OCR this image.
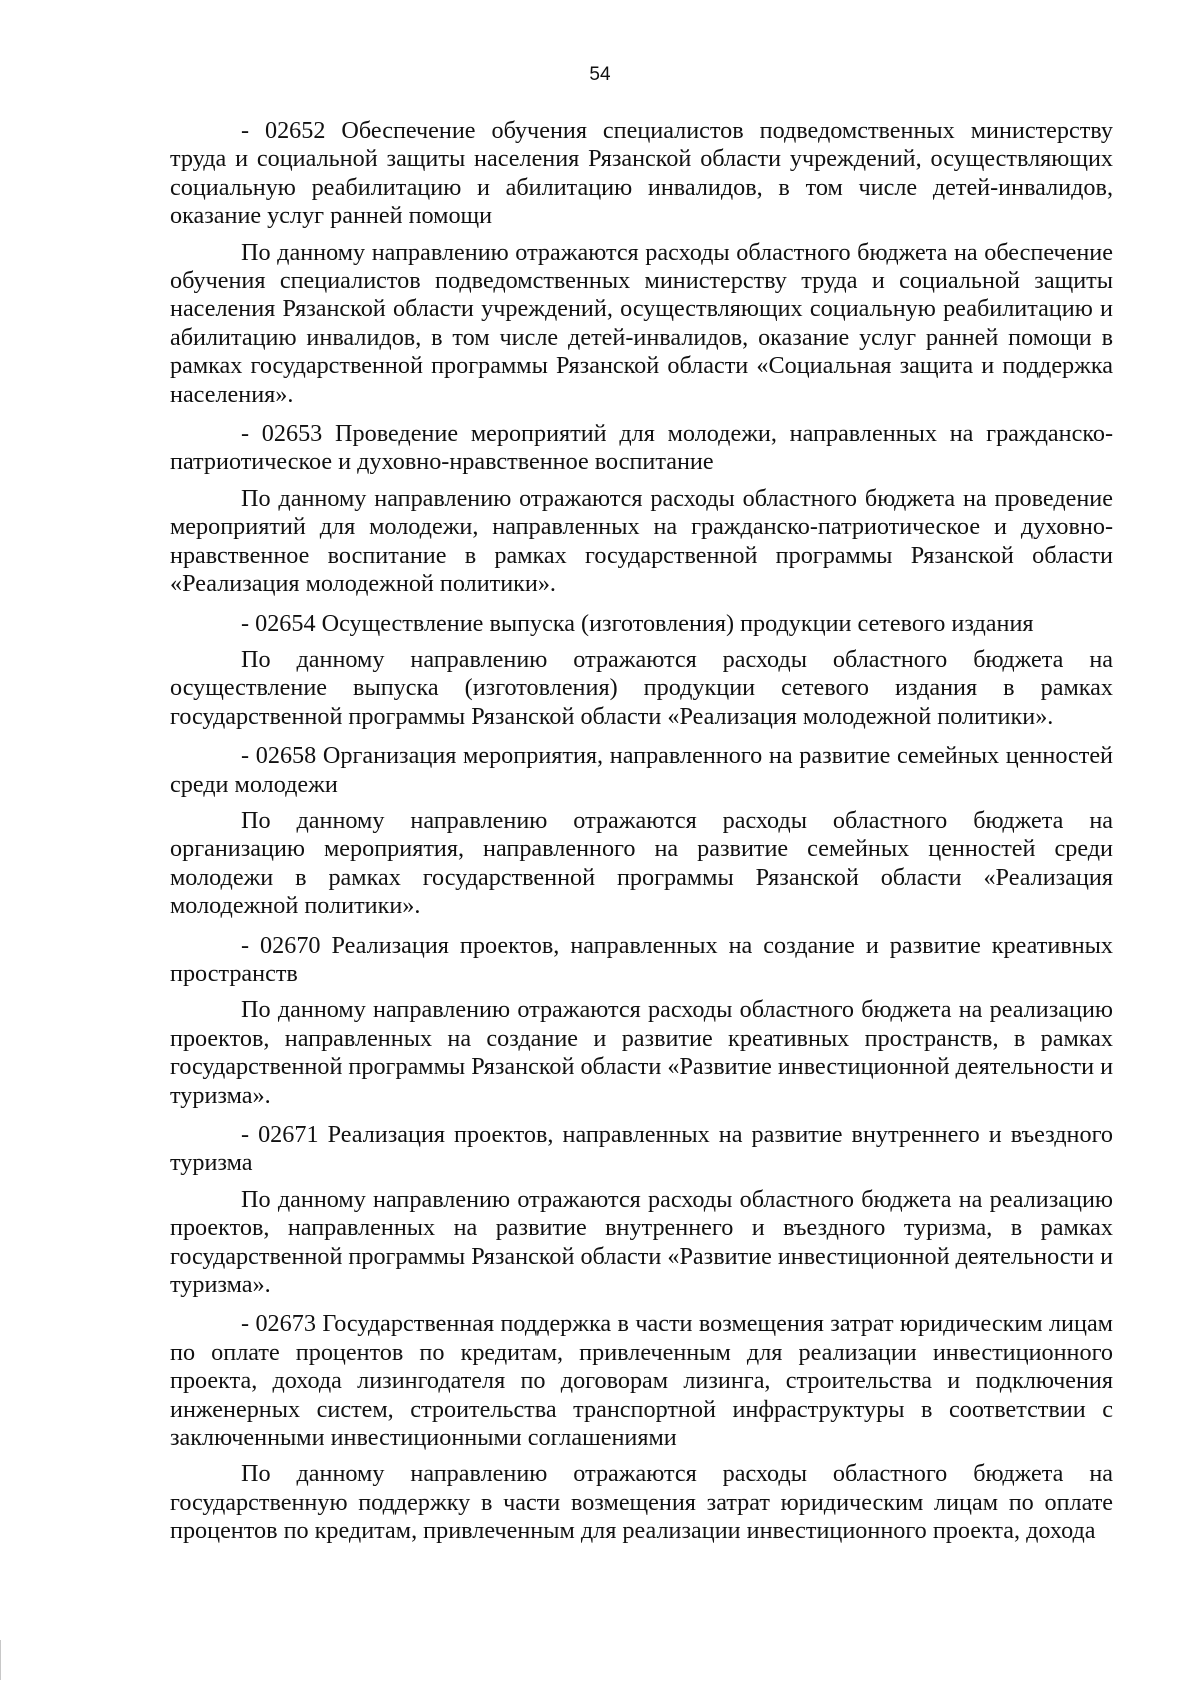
54

- 02652 Обеспечение обучения специалистов подведомственных министерству труда и социальной защиты населения Рязанской области учреждений, осуществляющих социальную реабилитацию и абилитацию инвалидов, в том числе детей-инвалидов, оказание услуг ранней помощи

По данному направлению отражаются расходы областного бюджета на обеспечение обучения специалистов подведомственных министерству труда и социальной защиты населения Рязанской области учреждений, осуществляющих социальную реабилитацию и абилитацию инвалидов, в том числе детей-инвалидов, оказание услуг ранней помощи в рамках государственной программы Рязанской области «Социальная защита и поддержка населения».

- 02653 Проведение мероприятий для молодежи, направленных на гражданско-патриотическое и духовно-нравственное воспитание

По данному направлению отражаются расходы областного бюджета на проведение мероприятий для молодежи, направленных на гражданско-патриотическое и духовно-нравственное воспитание в рамках государственной программы Рязанской области «Реализация молодежной политики».

- 02654 Осуществление выпуска (изготовления) продукции сетевого издания

По данному направлению отражаются расходы областного бюджета на осуществление выпуска (изготовления) продукции сетевого издания в рамках государственной программы Рязанской области «Реализация молодежной политики».

- 02658 Организация мероприятия, направленного на развитие семейных ценностей среди молодежи

По данному направлению отражаются расходы областного бюджета на организацию мероприятия, направленного на развитие семейных ценностей среди молодежи в рамках государственной программы Рязанской области «Реализация молодежной политики».

- 02670 Реализация проектов, направленных на создание и развитие креативных пространств

По данному направлению отражаются расходы областного бюджета на реализацию проектов, направленных на создание и развитие креативных пространств, в рамках государственной программы Рязанской области «Развитие инвестиционной деятельности и туризма».

- 02671 Реализация проектов, направленных на развитие внутреннего и въездного туризма

По данному направлению отражаются расходы областного бюджета на реализацию проектов, направленных на развитие внутреннего и въездного туризма, в рамках государственной программы Рязанской области «Развитие инвестиционной деятельности и туризма».

- 02673 Государственная поддержка в части возмещения затрат юридическим лицам по оплате процентов по кредитам, привлеченным для реализации инвестиционного проекта, дохода лизингодателя по договорам лизинга, строительства и подключения инженерных систем, строительства транспортной инфраструктуры в соответствии с заключенными инвестиционными соглашениями

По данному направлению отражаются расходы областного бюджета на государственную поддержку в части возмещения затрат юридическим лицам по оплате процентов по кредитам, привлеченным для реализации инвестиционного проекта, дохода
